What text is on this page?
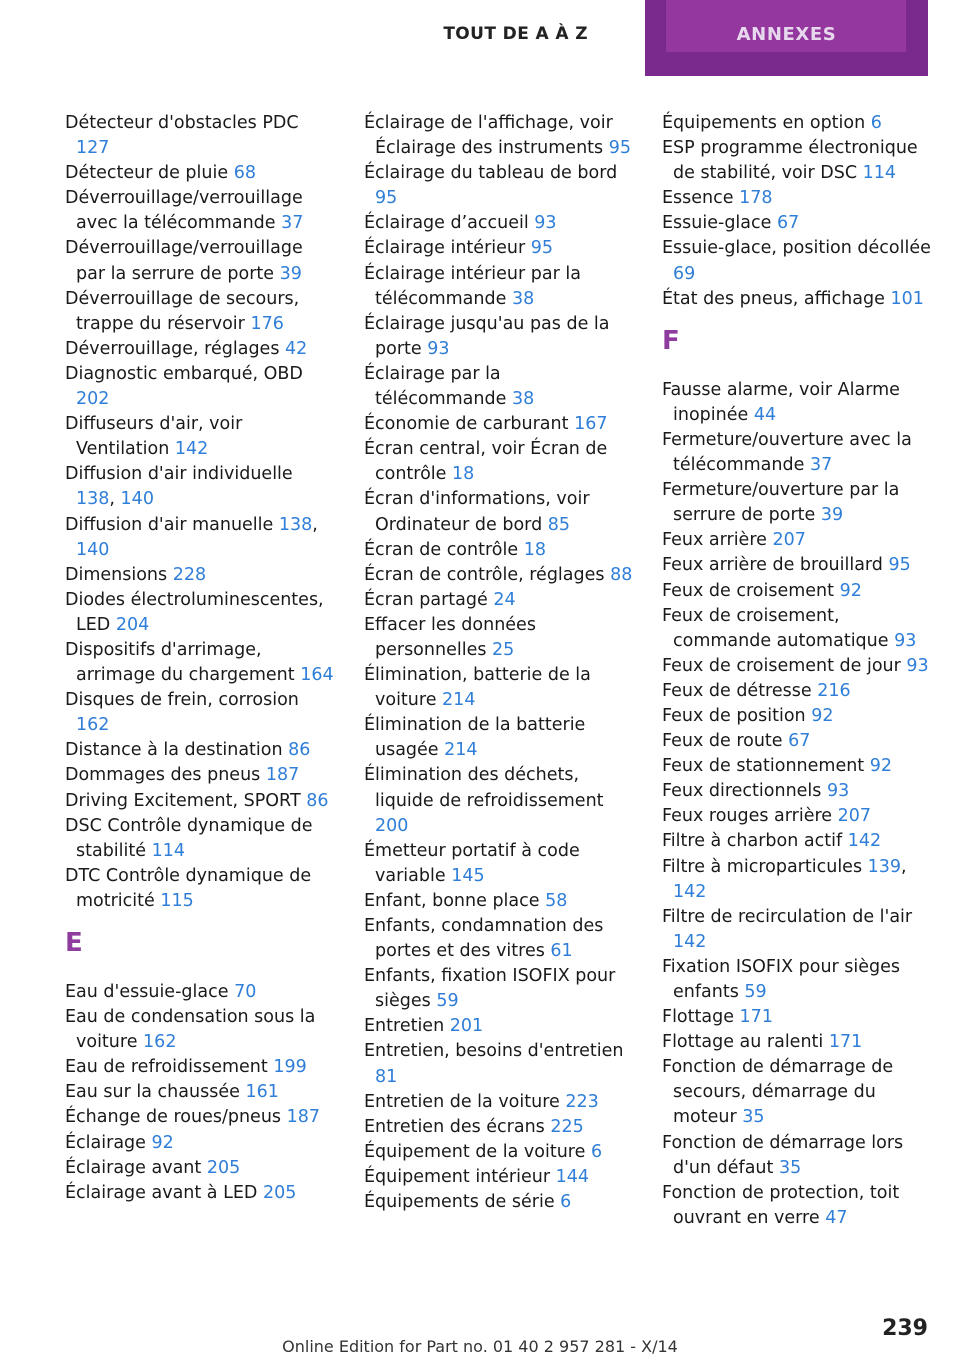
TOUT DE A À Z	ANNEXES
Détecteur d'obstacles PDC 127
Détecteur de pluie 68
Déverrouillage/verrouillage avec la télécommande 37
Déverrouillage/verrouillage par la serrure de porte 39
Déverrouillage de secours, trappe du réservoir 176
Déverrouillage, réglages 42
Diagnostic embarqué, OBD 202
Diffuseurs d'air, voir Ventilation 142
Diffusion d'air individuelle 138, 140
Diffusion d'air manuelle 138, 140
Dimensions 228
Diodes électroluminescentes, LED 204
Dispositifs d'arrimage, arrimage du chargement 164
Disques de frein, corrosion 162
Distance à la destination 86
Dommages des pneus 187
Driving Excitement, SPORT 86
DSC Contrôle dynamique de stabilité 114
DTC Contrôle dynamique de motricité 115
E
Eau d'essuie-glace 70
Eau de condensation sous la voiture 162
Eau de refroidissement 199
Eau sur la chaussée 161
Échange de roues/pneus 187
Éclairage 92
Éclairage avant 205
Éclairage avant à LED 205
Éclairage de l'affichage, voir Éclairage des instruments 95
Éclairage du tableau de bord 95
Éclairage d’accueil 93
Éclairage intérieur 95
Éclairage intérieur par la télécommande 38
Éclairage jusqu'au pas de la porte 93
Éclairage par la télécommande 38
Économie de carburant 167
Écran central, voir Écran de contrôle 18
Écran d'informations, voir Ordinateur de bord 85
Écran de contrôle 18
Écran de contrôle, réglages 88
Écran partagé 24
Effacer les données personnelles 25
Élimination, batterie de la voiture 214
Élimination de la batterie usagée 214
Élimination des déchets, liquide de refroidissement 200
Émetteur portatif à code variable 145
Enfant, bonne place 58
Enfants, condamnation des portes et des vitres 61
Enfants, fixation ISOFIX pour sièges 59
Entretien 201
Entretien, besoins d'entretien 81
Entretien de la voiture 223
Entretien des écrans 225
Équipement de la voiture 6
Équipement intérieur 144
Équipements de série 6
Équipements en option 6
ESP programme électronique de stabilité, voir DSC 114
Essence 178
Essuie-glace 67
Essuie-glace, position décollée 69
État des pneus, affichage 101
F
Fausse alarme, voir Alarme inopinée 44
Fermeture/ouverture avec la télécommande 37
Fermeture/ouverture par la serrure de porte 39
Feux arrière 207
Feux arrière de brouillard 95
Feux de croisement 92
Feux de croisement, commande automatique 93
Feux de croisement de jour 93
Feux de détresse 216
Feux de position 92
Feux de route 67
Feux de stationnement 92
Feux directionnels 93
Feux rouges arrière 207
Filtre à charbon actif 142
Filtre à microparticules 139, 142
Filtre de recirculation de l'air 142
Fixation ISOFIX pour sièges enfants 59
Flottage 171
Flottage au ralenti 171
Fonction de démarrage de secours, démarrage du moteur 35
Fonction de démarrage lors d'un défaut 35
Fonction de protection, toit ouvrant en verre 47
239
Online Edition for Part no. 01 40 2 957 281 - X/14
